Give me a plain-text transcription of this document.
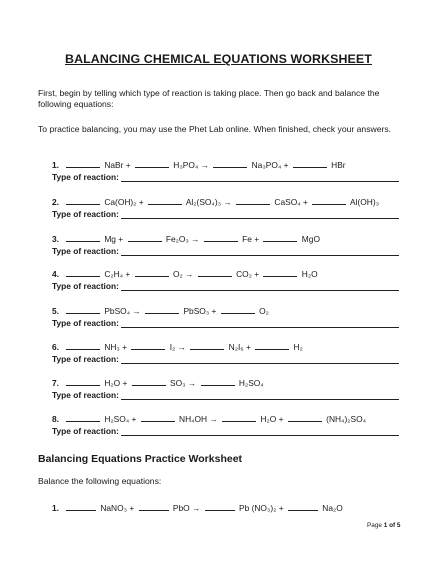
BALANCING CHEMICAL EQUATIONS WORKSHEET
First, begin by telling which type of reaction is taking place. Then go back and balance the following equations:
To practice balancing, you may use the Phet Lab online. When finished, check your answers.
1.	NaBr +	H₃PO₄ →	Na₃PO₄ +	HBr
Type of reaction:
2.	Ca(OH)₂ +	Al₂(SO₄)₃ →	CaSO₄ +	Al(OH)₃
Type of reaction:
3.	Mg +	Fe₂O₃ →	Fe +	MgO
Type of reaction:
4.	C₂H₄ +	O₂ →	CO₂ +	H₂O
Type of reaction:
5.	PbSO₄ →	PbSO₃ +	O₂
Type of reaction:
6.	NH₃ +	I₂ →	N₂I₆ +	H₂
Type of reaction:
7.	H₂O +	SO₃ →	H₂SO₄
Type of reaction:
8.	H₂SO₄ +	NH₄OH →	H₂O +	(NH₄)₂SO₄
Type of reaction:
Balancing Equations Practice Worksheet
Balance the following equations:
1.	NaNO₃ +	PbO →	Pb (NO₃)₂ +	Na₂O
Page 1 of 5
